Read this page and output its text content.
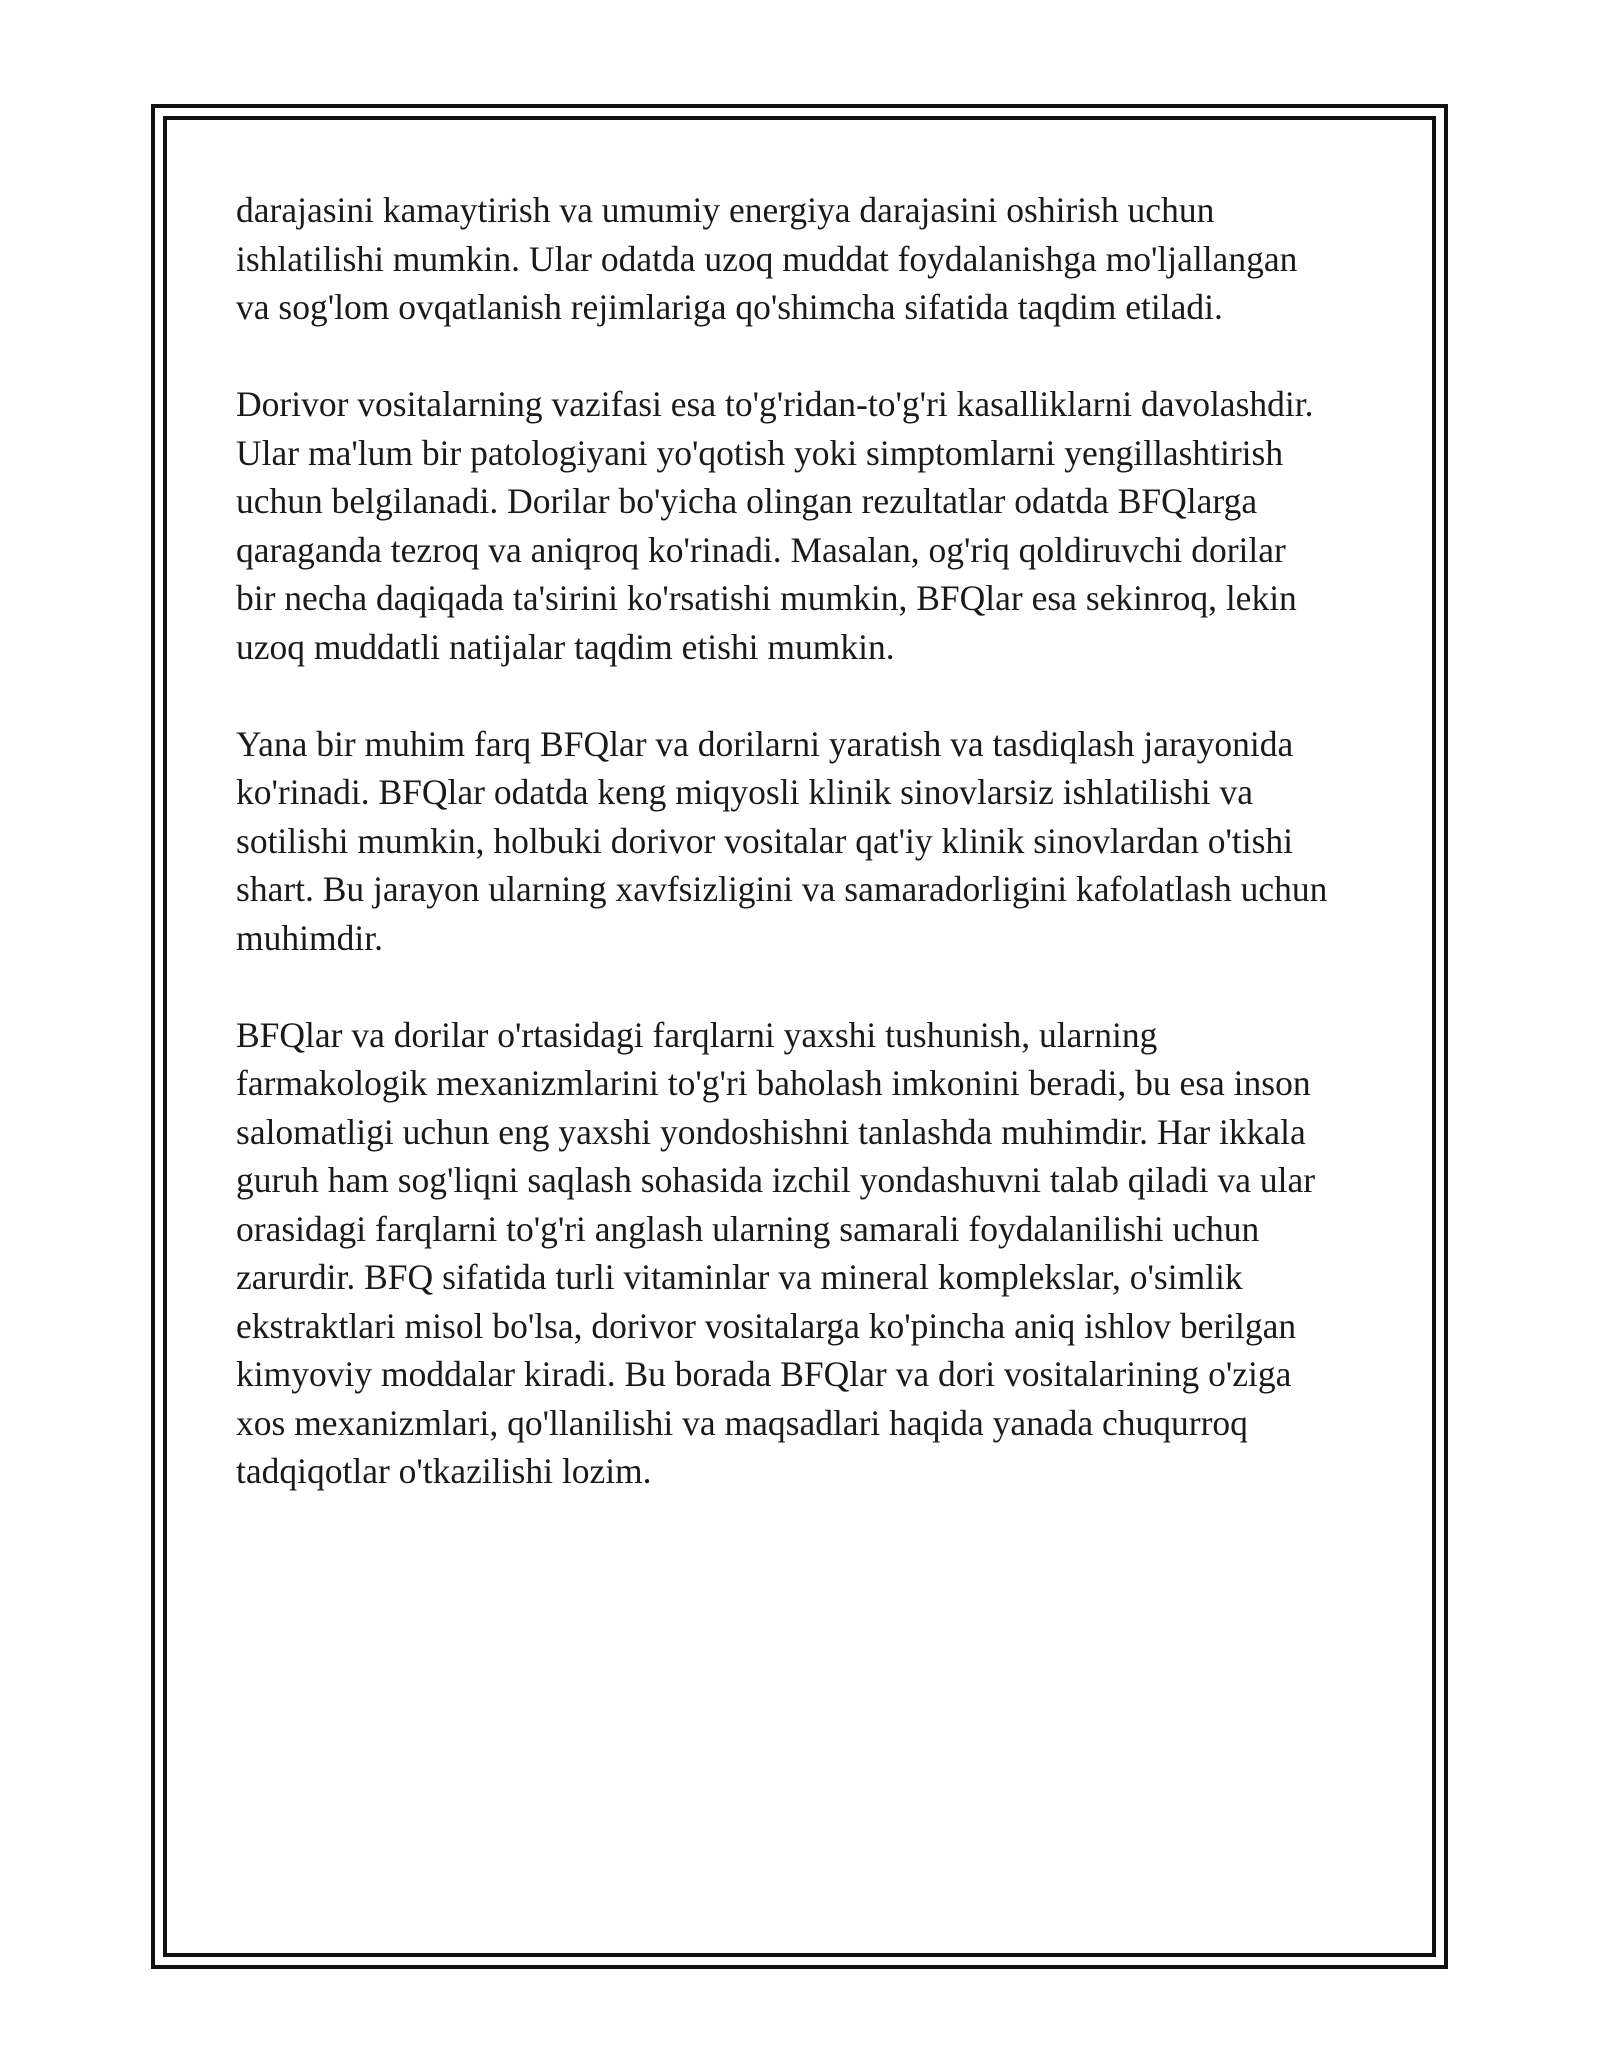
darajasini kamaytirish va umumiy energiya darajasini oshirish uchun
ishlatilishi mumkin. Ular odatda uzoq muddat foydalanishga mo'ljallangan
va sog'lom ovqatlanish rejimlariga qo'shimcha sifatida taqdim etiladi.

Dorivor vositalarning vazifasi esa to'g'ridan-to'g'ri kasalliklarni davolashdir.
Ular ma'lum bir patologiyani yo'qotish yoki simptomlarni yengillashtirish
uchun belgilanadi. Dorilar bo'yicha olingan rezultatlar odatda BFQlarga
qaraganda tezroq va aniqroq ko'rinadi. Masalan, og'riq qoldiruvchi dorilar
bir necha daqiqada ta'sirini ko'rsatishi mumkin, BFQlar esa sekinroq, lekin
uzoq muddatli natijalar taqdim etishi mumkin.

Yana bir muhim farq BFQlar va dorilarni yaratish va tasdiqlash jarayonida
ko'rinadi. BFQlar odatda keng miqyosli klinik sinovlarsiz ishlatilishi va
sotilishi mumkin, holbuki dorivor vositalar qat'iy klinik sinovlardan o'tishi
shart. Bu jarayon ularning xavfsizligini va samaradorligini kafolatlash uchun
muhimdir.

BFQlar va dorilar o'rtasidagi farqlarni yaxshi tushunish, ularning
farmakologik mexanizmlarini to'g'ri baholash imkonini beradi, bu esa inson
salomatligi uchun eng yaxshi yondoshishni tanlashda muhimdir. Har ikkala
guruh ham sog'liqni saqlash sohasida izchil yondashuvni talab qiladi va ular
orasidagi farqlarni to'g'ri anglash ularning samarali foydalanilishi uchun
zarurdir. BFQ sifatida turli vitaminlar va mineral komplekslar, o'simlik
ekstraktlari misol bo'lsa, dorivor vositalarga ko'pincha aniq ishlov berilgan
kimyoviy moddalar kiradi. Bu borada BFQlar va dori vositalarining o'ziga
xos mexanizmlari, qo'llanilishi va maqsadlari haqida yanada chuqurroq
tadqiqotlar o'tkazilishi lozim.
